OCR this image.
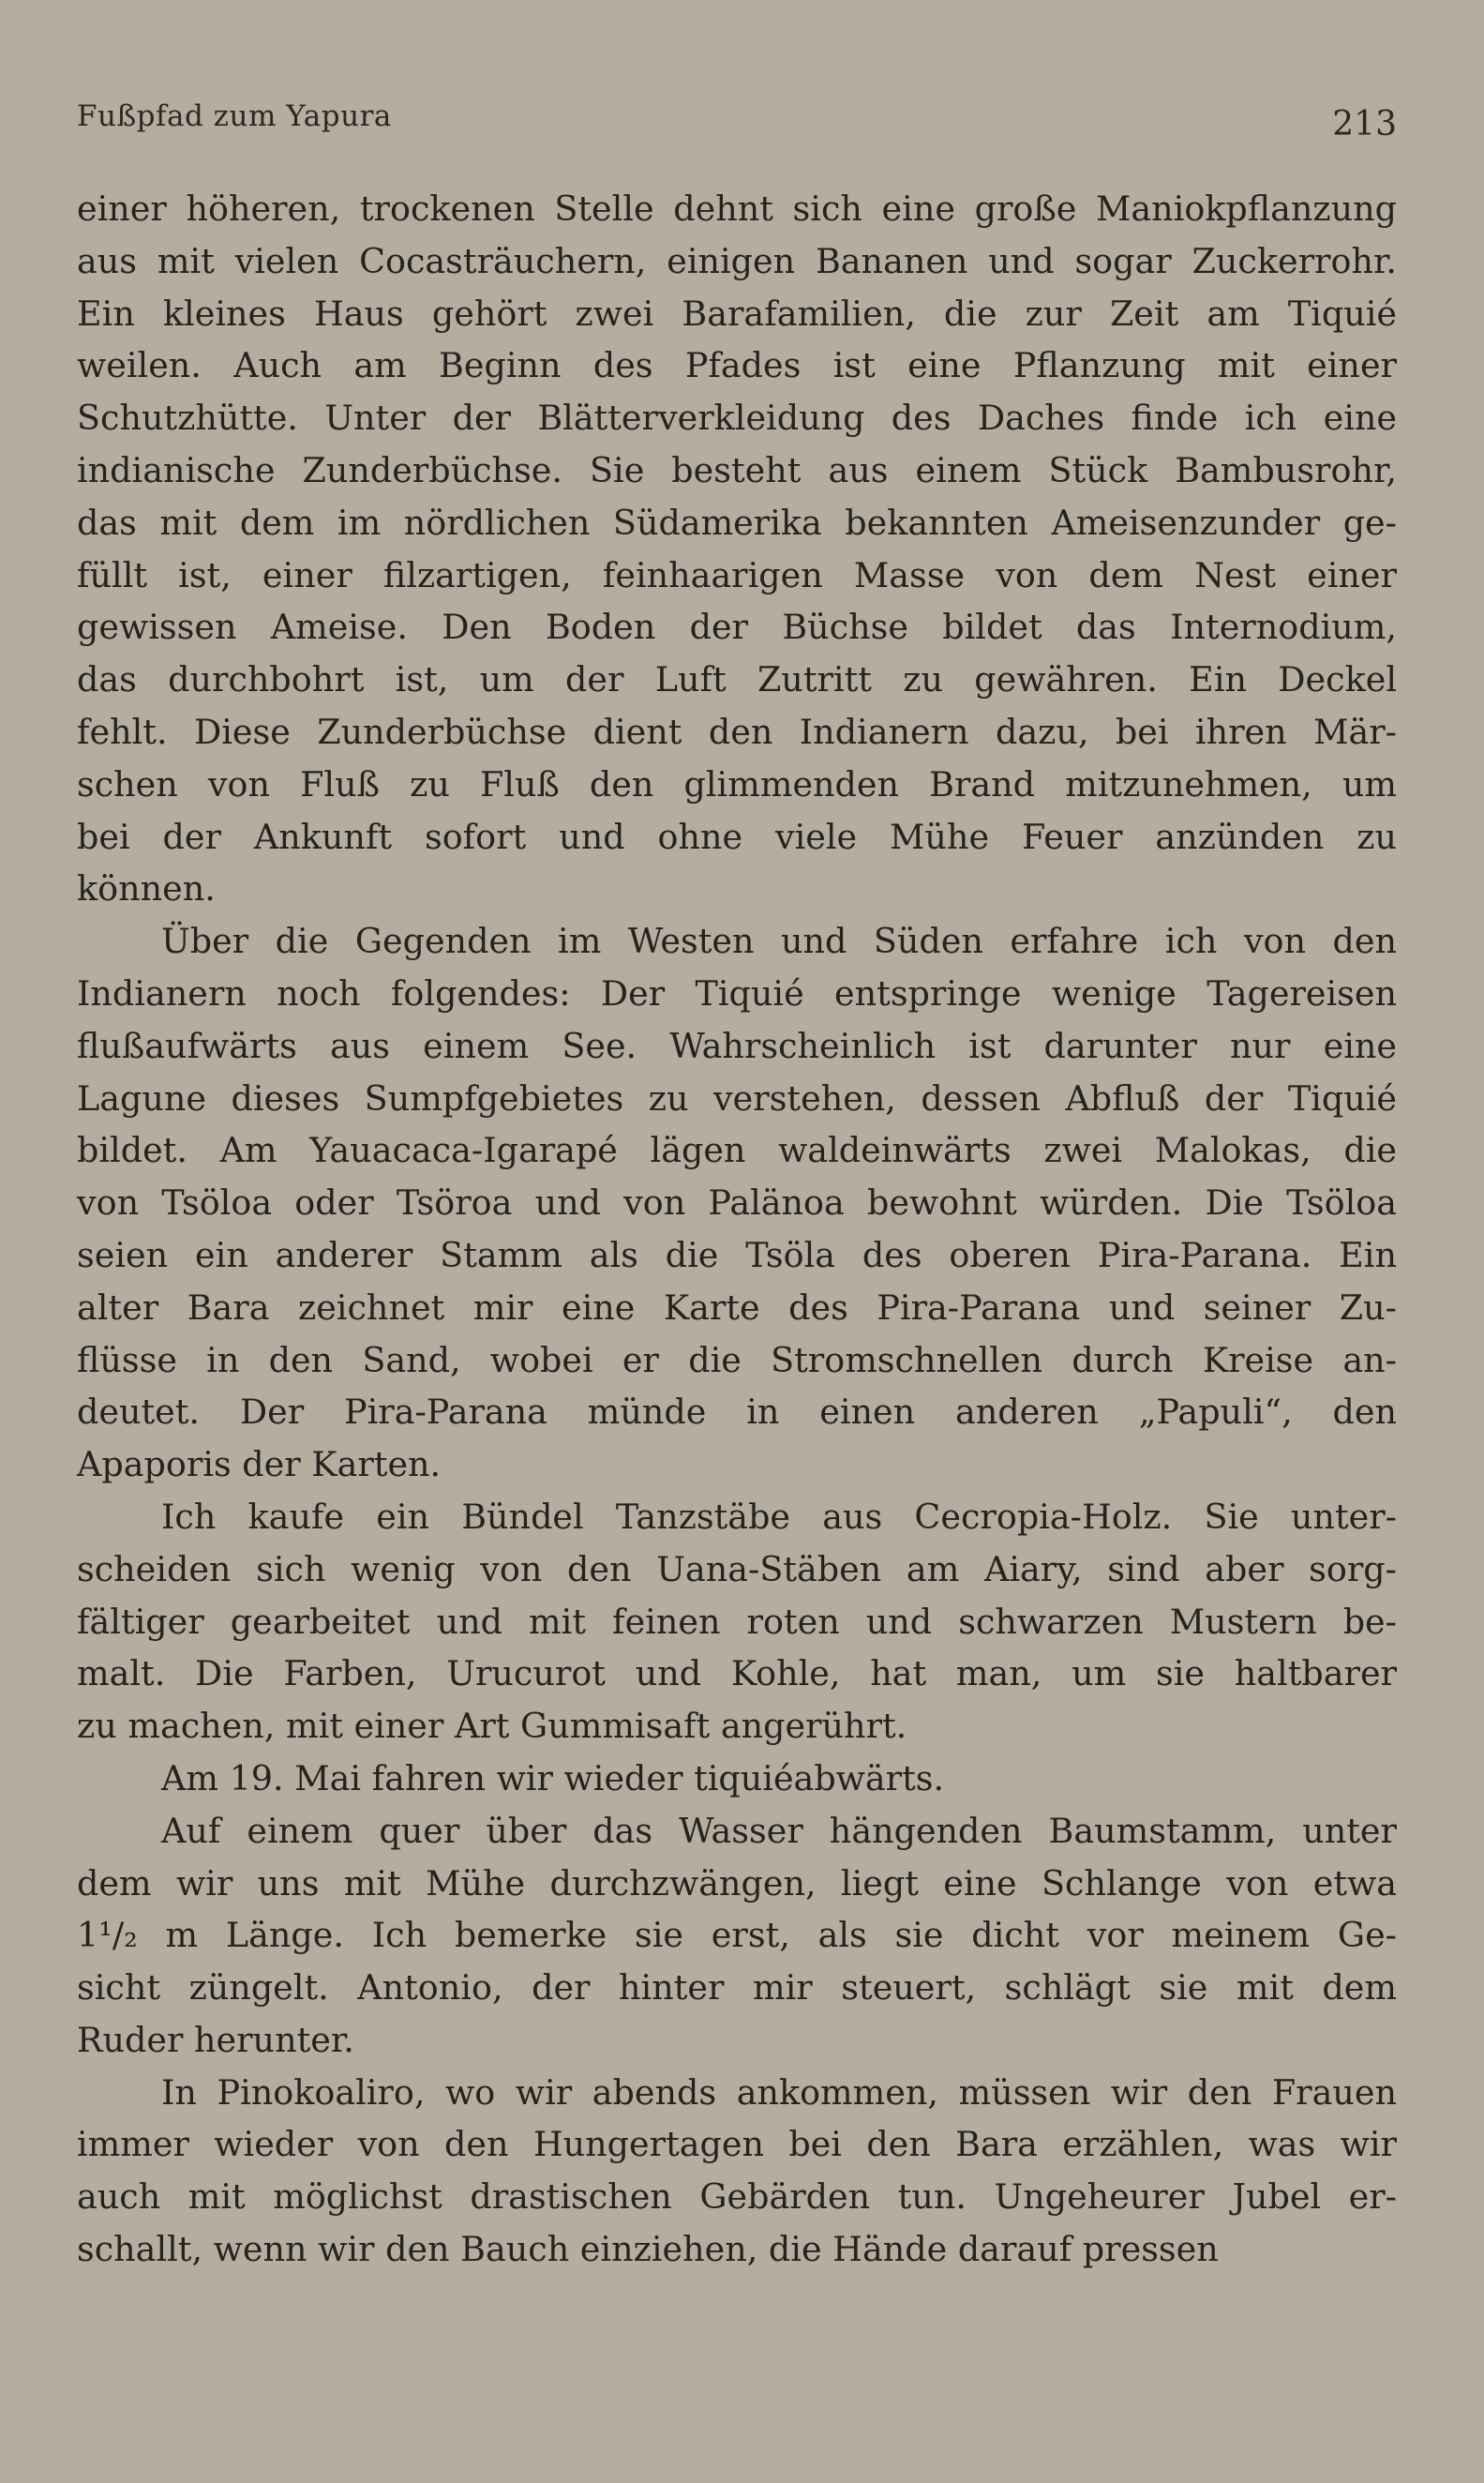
Fußpfad zum Yapura	213
einer höheren, trockenen Stelle dehnt sich eine große Maniokpflanzung
aus mit vielen Cocasträuchern, einigen Bananen und sogar Zuckerrohr.
Ein kleines Haus gehört zwei Barafamilien, die zur Zeit am Tiquié
weilen. Auch am Beginn des Pfades ist eine Pflanzung mit einer
Schutzhütte. Unter der Blätterverkleidung des Daches finde ich eine
indianische Zunderbüchse. Sie besteht aus einem Stück Bambusrohr,
das mit dem im nördlichen Südamerika bekannten Ameisenzunder ge-
füllt ist, einer filzartigen, feinhaarigen Masse von dem Nest einer
gewissen Ameise. Den Boden der Büchse bildet das Internodium,
das durchbohrt ist, um der Luft Zutritt zu gewähren. Ein Deckel
fehlt. Diese Zunderbüchse dient den Indianern dazu, bei ihren Mär-
schen von Fluß zu Fluß den glimmenden Brand mitzunehmen, um
bei der Ankunft sofort und ohne viele Mühe Feuer anzünden zu
können.
Über die Gegenden im Westen und Süden erfahre ich von den
Indianern noch folgendes: Der Tiquié entspringe wenige Tagereisen
flußaufwärts aus einem See. Wahrscheinlich ist darunter nur eine
Lagune dieses Sumpfgebietes zu verstehen, dessen Abfluß der Tiquié
bildet. Am Yauacaca-Igarapé lägen waldeinwärts zwei Malokas, die
von Tsöloa oder Tsöroa und von Palänoa bewohnt würden. Die Tsöloa
seien ein anderer Stamm als die Tsöla des oberen Pira-Parana. Ein
alter Bara zeichnet mir eine Karte des Pira-Parana und seiner Zu-
flüsse in den Sand, wobei er die Stromschnellen durch Kreise an-
deutet. Der Pira-Parana münde in einen anderen „Papuli“, den
Apaporis der Karten.
Ich kaufe ein Bündel Tanzstäbe aus Cecropia-Holz. Sie unter-
scheiden sich wenig von den Uana-Stäben am Aiary, sind aber sorg-
fältiger gearbeitet und mit feinen roten und schwarzen Mustern be-
malt. Die Farben, Urucurot und Kohle, hat man, um sie haltbarer
zu machen, mit einer Art Gummisaft angerührt.
Am 19. Mai fahren wir wieder tiquiéabwärts.
Auf einem quer über das Wasser hängenden Baumstamm, unter
dem wir uns mit Mühe durchzwängen, liegt eine Schlange von etwa
1¹/₂ m Länge. Ich bemerke sie erst, als sie dicht vor meinem Ge-
sicht züngelt. Antonio, der hinter mir steuert, schlägt sie mit dem
Ruder herunter.
In Pinokoaliro, wo wir abends ankommen, müssen wir den Frauen
immer wieder von den Hungertagen bei den Bara erzählen, was wir
auch mit möglichst drastischen Gebärden tun. Ungeheurer Jubel er-
schallt, wenn wir den Bauch einziehen, die Hände darauf pressen
